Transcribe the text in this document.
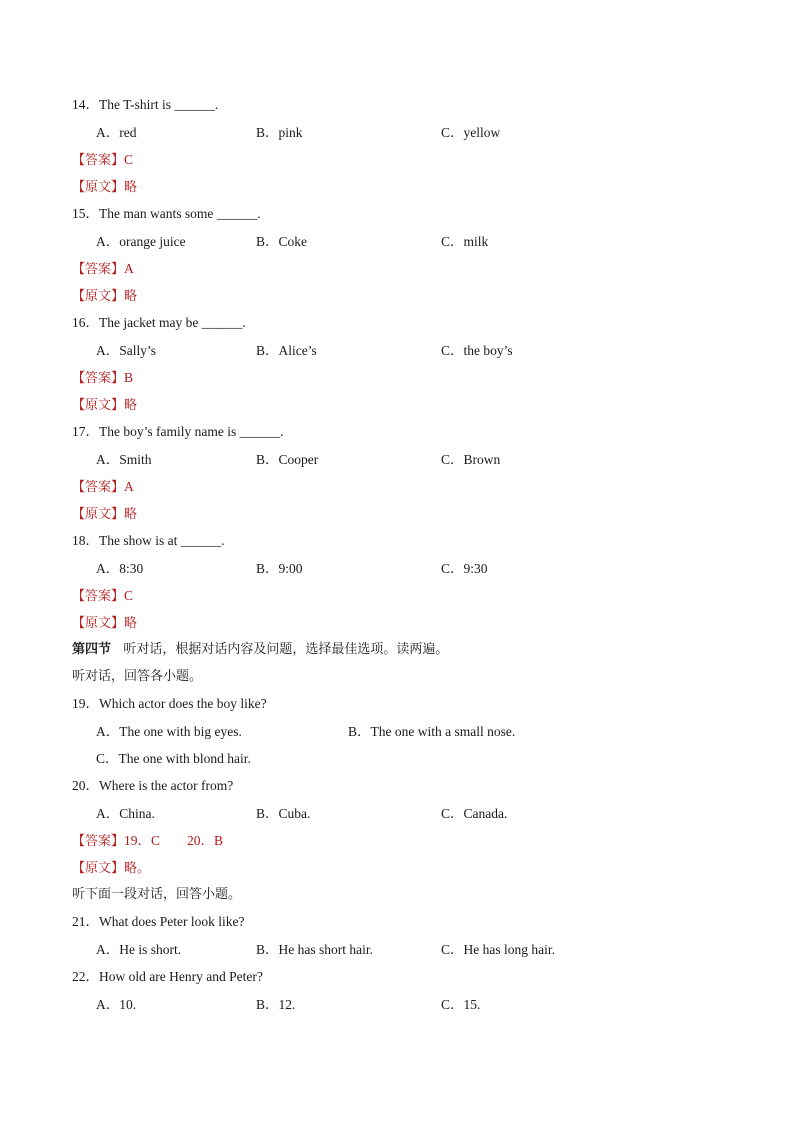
14．The T-shirt is ______.
A．red	B．pink	C．yellow
【答案】C
【原文】略
15．The man wants some ______.
A．orange juice	B．Coke	C．milk
【答案】A
【原文】略
16．The jacket may be ______.
A．Sally’s	B．Alice’s	C．the boy’s
【答案】B
【原文】略
17．The boy’s family name is ______.
A．Smith	B．Cooper	C．Brown
【答案】A
【原文】略
18．The show is at ______.
A．8:30	B．9:00	C．9:30
【答案】C
【原文】略
第四节 听对话，根据对话内容及问题，选择最佳选项。读两遍。
听对话，回答各小题。
19．Which actor does the boy like?
A．The one with big eyes.	B．The one with a small nose.
C．The one with blond hair.
20．Where is the actor from?
A．China.	B．Cuba.	C．Canada.
【答案】19．C　　20．B
【原文】略。
听下面一段对话，回答小题。
21．What does Peter look like?
A．He is short.	B．He has short hair.	C．He has long hair.
22．How old are Henry and Peter?
A．10.	B．12.	C．15.
